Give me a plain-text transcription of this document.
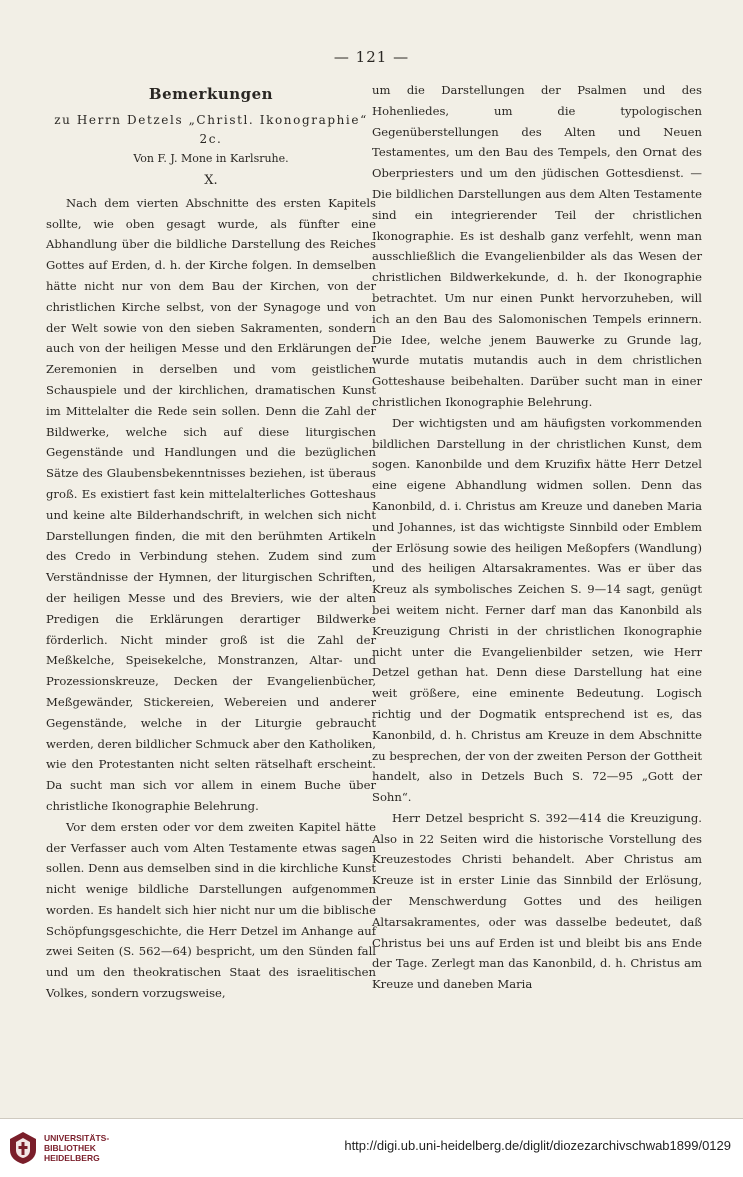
— 121 —
Bemerkungen
zu Herrn Detzels „Christl. Ikonographie“ 2c.
Von F. J. Mone in Karlsruhe.
X.

Nach dem vierten Abschnitte des ersten Kapitels sollte, wie oben gesagt wurde, als fünfter eine Abhandlung über die bildliche Darstellung des Reiches Gottes auf Erden, d. h. der Kirche folgen. In demselben hätte nicht nur von dem Bau der Kirchen, von der christlichen Kirche selbst, von der Synagoge und von der Welt sowie von den sieben Sakramenten, sondern auch von der heiligen Messe und den Erklärungen der Zeremonien in derselben und vom geistlichen Schauspiele und der kirchlichen, dramatischen Kunst im Mittelalter die Rede sein sollen. Denn die Zahl der Bildwerke, welche sich auf diese liturgischen Gegenstände und Handlungen und die bezüglichen Sätze des Glaubensbekenntnisses beziehen, ist überaus groß. Es existiert fast kein mittelalterliches Gotteshaus und keine alte Bilderhandschrift, in welchen sich nicht Darstellungen finden, die mit den berühmten Artikeln des Credo in Verbindung stehen. Zudem sind zum Verständnisse der Hymnen, der liturgischen Schriften, der heiligen Messe und des Breviers, wie der alten Predigen die Erklärungen derartiger Bildwerke förderlich. Nicht minder groß ist die Zahl der Meßkelche, Speisekelche, Monstranzen, Altar- und Prozessionskreuze, Decken der Evangelienbücher, Meßgewänder, Stickereien, Webereien und anderer Gegenstände, welche in der Liturgie gebraucht werden, deren bildlicher Schmuck aber den Katholiken, wie den Protestanten nicht selten rätselhaft erscheint. Da sucht man sich vor allem in einem Buche über christliche Ikonographie Belehrung.

Vor dem ersten oder vor dem zweiten Kapitel hätte der Verfasser auch vom Alten Testamente etwas sagen sollen. Denn aus demselben sind in die kirchliche Kunst nicht wenige bildliche Darstellungen aufgenommen worden. Es handelt sich hier nicht nur um die biblische Schöpfungsgeschichte, die Herr Detzel im Anhange auf zwei Seiten (S. 562—64) bespricht, um den Sünden fall und um den theokratischen Staat des israelitischen Volkes, sondern vorzugsweise,

um die Darstellungen der Psalmen und des Hohenliedes, um die typologischen Gegenüberstellungen des Alten und Neuen Testamentes, um den Bau des Tempels, den Ornat des Oberpriesters und um den jüdischen Gottesdienst. — Die bildlichen Darstellungen aus dem Alten Testamente sind ein integrierender Teil der christlichen Ikonographie. Es ist deshalb ganz verfehlt, wenn man ausschließlich die Evangelienbilder als das Wesen der christlichen Bildwerkekunde, d. h. der Ikonographie betrachtet. Um nur einen Punkt hervorzuheben, will ich an den Bau des Salomonischen Tempels erinnern. Die Idee, welche jenem Bauwerke zu Grunde lag, wurde mutatis mutandis auch in dem christlichen Gotteshause beibehalten. Darüber sucht man in einer christlichen Ikonographie Belehrung.

Der wichtigsten und am häufigsten vorkommenden bildlichen Darstellung in der christlichen Kunst, dem sogen. Kanonbilde und dem Kruzifix hätte Herr Detzel eine eigene Abhandlung widmen sollen. Denn das Kanonbild, d. i. Christus am Kreuze und daneben Maria und Johannes, ist das wichtigste Sinnbild oder Emblem der Erlösung sowie des heiligen Meßopfers (Wandlung) und des heiligen Altarsakramentes. Was er über das Kreuz als symbolisches Zeichen S. 9—14 sagt, genügt bei weitem nicht. Ferner darf man das Kanonbild als Kreuzigung Christi in der christlichen Ikonographie nicht unter die Evangelienbilder setzen, wie Herr Detzel gethan hat. Denn diese Darstellung hat eine weit größere, eine eminente Bedeutung. Logisch richtig und der Dogmatik entsprechend ist es, das Kanonbild, d. h. Christus am Kreuze in dem Abschnitte zu besprechen, der von der zweiten Person der Gottheit handelt, also in Detzels Buch S. 72—95 „Gott der Sohn“.

Herr Detzel bespricht S. 392—414 die Kreuzigung. Also in 22 Seiten wird die historische Vorstellung des Kreuzestodes Christi behandelt. Aber Christus am Kreuze ist in erster Linie das Sinnbild der Erlösung, der Menschwerdung Gottes und des heiligen Altarsakramentes, oder was dasselbe bedeutet, daß Christus bei uns auf Erden ist und bleibt bis ans Ende der Tage. Zerlegt man das Kanonbild, d. h. Christus am Kreuze und daneben Maria

UNIVERSITÄTS-
BIBLIOTHEK
HEIDELBERG
http://digi.ub.uni-heidelberg.de/diglit/diozezarchivschwab1899/0129
